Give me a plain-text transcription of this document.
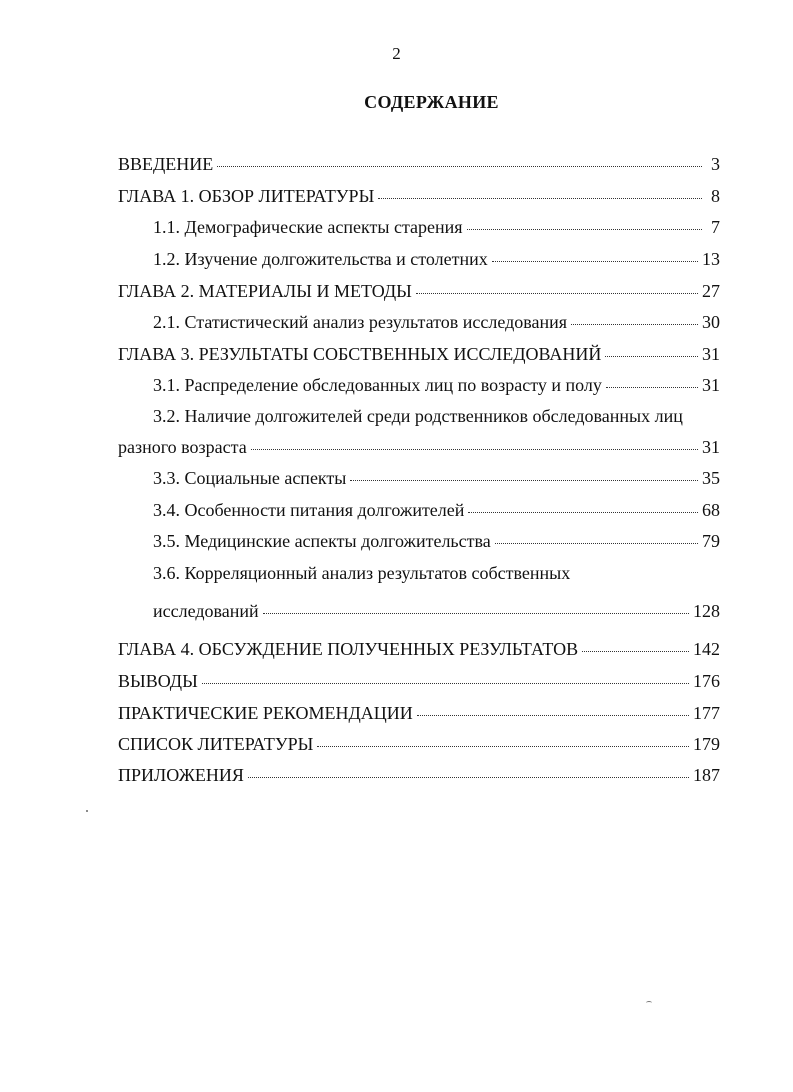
2
СОДЕРЖАНИЕ
ВВЕДЕНИЕ	3
ГЛАВА 1. ОБЗОР ЛИТЕРАТУРЫ	8
1.1. Демографические аспекты старения	7
1.2. Изучение долгожительства и столетних	13
ГЛАВА 2. МАТЕРИАЛЫ И МЕТОДЫ	27
2.1. Статистический анализ результатов исследования	30
ГЛАВА 3. РЕЗУЛЬТАТЫ СОБСТВЕННЫХ ИССЛЕДОВАНИЙ	31
3.1. Распределение обследованных лиц по возрасту и полу	31
3.2. Наличие долгожителей среди родственников обследованных лиц
разного возраста	31
3.3. Социальные аспекты	35
3.4. Особенности питания долгожителей	68
3.5. Медицинские аспекты долгожительства	79
3.6. Корреляционный анализ результатов собственных
исследований	128
ГЛАВА 4. ОБСУЖДЕНИЕ ПОЛУЧЕННЫХ РЕЗУЛЬТАТОВ	142
ВЫВОДЫ	176
ПРАКТИЧЕСКИЕ РЕКОМЕНДАЦИИ	177
СПИСОК ЛИТЕРАТУРЫ	179
ПРИЛОЖЕНИЯ	187
